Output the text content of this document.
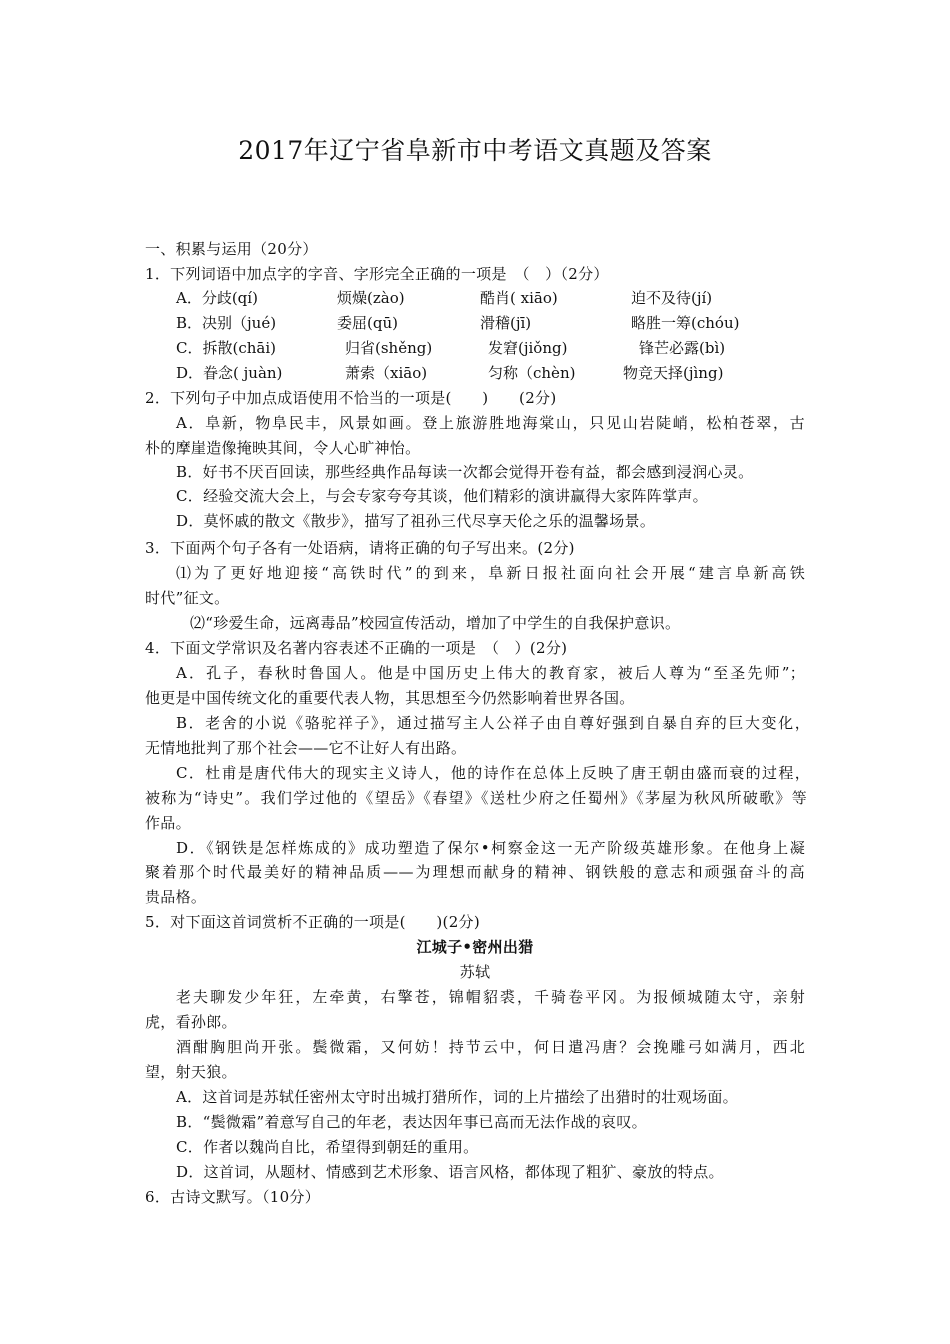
2017年辽宁省阜新市中考语文真题及答案
一、积累与运用（20分）
1．下列词语中加点字的字音、字形完全正确的一项是　（　）（2分）
A．分歧(qí)	烦燥(zào)	酷肖( xiāo)	迫不及待(jí)
B．决别（jué)	委屈(qū)	滑稽(jī)	略胜一筹(chóu)
C．拆散(chāi)	归省(shěng)	发窘(jiǒng)	锋芒必露(bì)
D．眷念( juàn)	萧索（xiāo)	匀称（chèn)	物竞天择(jìng)
2．下列句子中加点成语使用不恰当的一项是(　　)　　(2分)
A．阜新，物阜民丰，风景如画。登上旅游胜地海棠山，只见山岩陡峭，松柏苍翠，古
朴的摩崖造像掩映其间，令人心旷神怡。
B．好书不厌百回读，那些经典作品每读一次都会觉得开卷有益，都会感到浸润心灵。
C．经验交流大会上，与会专家夸夸其谈，他们精彩的演讲赢得大家阵阵掌声。
D．莫怀戚的散文《散步》，描写了祖孙三代尽享天伦之乐的温馨场景。
3．下面两个句子各有一处语病，请将正确的句子写出来。(2分)
⑴为了更好地迎接“高铁时代”的到来，阜新日报社面向社会开展“建言阜新高铁
时代”征文。
⑵“珍爱生命，远离毒品”校园宣传活动，增加了中学生的自我保护意识。
4．下面文学常识及名著内容表述不正确的一项是　（　）(2分)
A．孔子，春秋时鲁国人。他是中国历史上伟大的教育家，被后人尊为“至圣先师”；
他更是中国传统文化的重要代表人物，其思想至今仍然影响着世界各国。
B．老舍的小说《骆驼祥子》，通过描写主人公祥子由自尊好强到自暴自弃的巨大变化，
无情地批判了那个社会——它不让好人有出路。
C．杜甫是唐代伟大的现实主义诗人，他的诗作在总体上反映了唐王朝由盛而衰的过程，
被称为“诗史”。我们学过他的《望岳》《春望》《送杜少府之任蜀州》《茅屋为秋风所破歌》等
作品。
D．《钢铁是怎样炼成的》成功塑造了保尔•柯察金这一无产阶级英雄形象。在他身上凝
聚着那个时代最美好的精神品质——为理想而献身的精神、钢铁般的意志和顽强奋斗的高
贵品格。
5．对下面这首词赏析不正确的一项是(　　)(2分)
江城子•密州出猎
苏轼
老夫聊发少年狂，左牵黄，右擎苍，锦帽貂裘，千骑卷平冈。为报倾城随太守，亲射
虎，看孙郎。
酒酣胸胆尚开张。鬓微霜，又何妨！持节云中，何日遣冯唐？会挽雕弓如满月，西北
望，射天狼。
A．这首词是苏轼任密州太守时出城打猎所作，词的上片描绘了出猎时的壮观场面。
B．“鬓微霜”着意写自己的年老，表达因年事已高而无法作战的哀叹。
C．作者以魏尚自比，希望得到朝廷的重用。
D．这首词，从题材、情感到艺术形象、语言风格，都体现了粗犷、豪放的特点。
6．古诗文默写。（10分）
